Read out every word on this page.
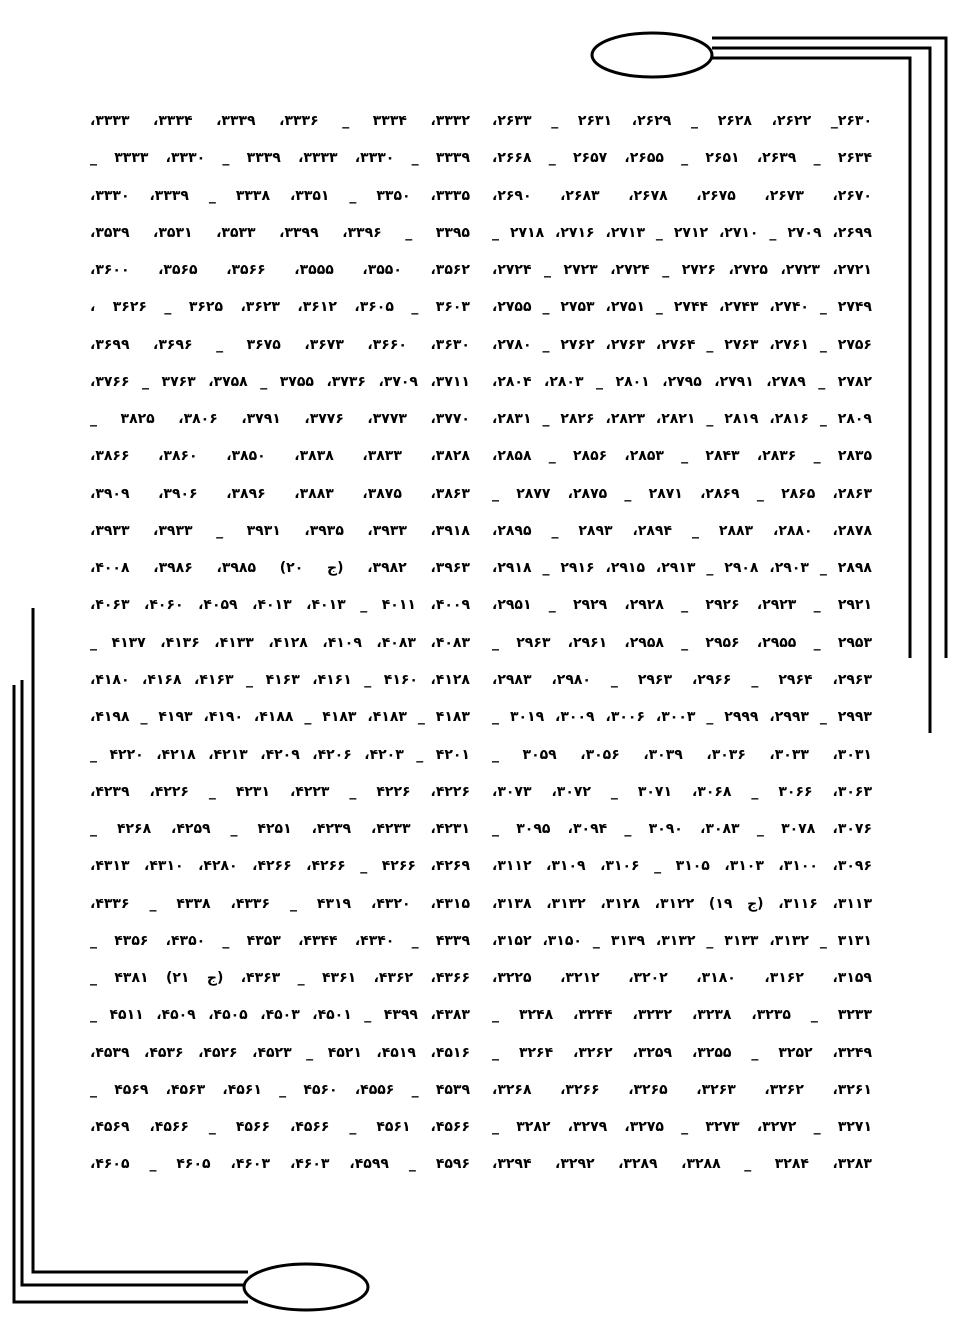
۲۶۳۰_ ۲۶۲۲، ۲۶۲۸ _ ۲۶۲۹، ۲۶۳۱ _ ۲۶۳۳،
۲۶۳۴ _ ۲۶۳۹، ۲۶۵۱ _ ۲۶۵۵، ۲۶۵۷ _ ۲۶۶۸،
۲۶۷۰، ۲۶۷۳، ۲۶۷۵، ۲۶۷۸، ۲۶۸۳، ۲۶۹۰،
۲۶۹۹، ۲۷۰۹ _ ۲۷۱۰، ۲۷۱۲ _ ۲۷۱۳، ۲۷۱۶، ۲۷۱۸ _
۲۷۲۱، ۲۷۲۳، ۲۷۲۵، ۲۷۲۶ _ ۲۷۲۴، ۲۷۲۳ _ ۲۷۲۴،
۲۷۴۹ _ ۲۷۴۰، ۲۷۴۳، ۲۷۴۴ _ ۲۷۵۱، ۲۷۵۳ _ ۲۷۵۵،
۲۷۵۶ _ ۲۷۶۱، ۲۷۶۳ _ ۲۷۶۴، ۲۷۶۳، ۲۷۶۲ _ ۲۷۸۰،
۲۷۸۲ _ ۲۷۸۹، ۲۷۹۱، ۲۷۹۵، ۲۸۰۱ _ ۲۸۰۳، ۲۸۰۴،
۲۸۰۹ _ ۲۸۱۶، ۲۸۱۹ _ ۲۸۲۱، ۲۸۲۳، ۲۸۲۶ _ ۲۸۳۱،
۲۸۳۵ _ ۲۸۳۶، ۲۸۴۳ _ ۲۸۵۳، ۲۸۵۶ _ ۲۸۵۸،
۲۸۶۳، ۲۸۶۵ _ ۲۸۶۹، ۲۸۷۱ _ ۲۸۷۵، ۲۸۷۷ _
۲۸۷۸، ۲۸۸۰، ۲۸۸۳ _ ۲۸۹۴، ۲۸۹۳ _ ۲۸۹۵،
۲۸۹۸ _ ۲۹۰۳، ۲۹۰۸ _ ۲۹۱۳، ۲۹۱۵، ۲۹۱۶ _ ۲۹۱۸،
۲۹۲۱ _ ۲۹۲۳، ۲۹۲۶ _ ۲۹۲۸، ۲۹۲۹ _ ۲۹۵۱،
۲۹۵۳ _ ۲۹۵۵، ۲۹۵۶ _ ۲۹۵۸، ۲۹۶۱، ۲۹۶۳ _
۲۹۶۳، ۲۹۶۴ _ ۲۹۶۶، ۲۹۶۳ _ ۲۹۸۰، ۲۹۸۳،
۲۹۹۳ _ ۲۹۹۳، ۲۹۹۹ _ ۳۰۰۳، ۳۰۰۶، ۳۰۰۹، ۳۰۱۹ _
۳۰۳۱، ۳۰۳۳، ۳۰۳۶، ۳۰۳۹، ۳۰۵۶، ۳۰۵۹ _
۳۰۶۳، ۳۰۶۶ _ ۳۰۶۸، ۳۰۷۱ _ ۳۰۷۲، ۳۰۷۳،
۳۰۷۶، ۳۰۷۸ _ ۳۰۸۳، ۳۰۹۰ _ ۳۰۹۴، ۳۰۹۵ _
۳۰۹۶، ۳۱۰۰، ۳۱۰۳، ۳۱۰۵ _ ۳۱۰۶، ۳۱۰۹، ۳۱۱۲،
۳۱۱۳، ۳۱۱۶، (ج ۱۹) ۳۱۲۲، ۳۱۲۸، ۳۱۳۲، ۳۱۳۸،
۳۱۳۱ _ ۳۱۳۲، ۳۱۳۳ _ ۳۱۳۲، ۳۱۳۹ _ ۳۱۵۰، ۳۱۵۲،
۳۱۵۹، ۳۱۶۲، ۳۱۸۰، ۳۲۰۲، ۳۲۱۲، ۳۲۲۵،
۳۲۳۳ _ ۳۲۳۵، ۳۲۳۸، ۳۲۳۲، ۳۲۴۴، ۳۲۴۸ _
۳۲۴۹، ۳۲۵۲ _ ۳۲۵۵، ۳۲۵۹، ۳۲۶۲، ۳۲۶۴ _
۳۲۶۱، ۳۲۶۲، ۳۲۶۳، ۳۲۶۵، ۳۲۶۶، ۳۲۶۸،
۳۲۷۱ _ ۳۲۷۲، ۳۲۷۳ _ ۳۲۷۵، ۳۲۷۹، ۳۲۸۲ _
۳۲۸۳، ۳۲۸۴ _ ۳۲۸۸، ۳۲۸۹، ۳۲۹۲، ۳۲۹۴،
۳۳۳۲، ۳۳۳۴ _ ۳۳۳۶، ۳۳۳۹، ۳۳۳۴، ۳۳۳۳،
۳۳۳۹ _ ۳۳۳۰، ۳۳۳۳، ۳۳۳۹ _ ۳۳۳۰، ۳۳۳۳ _
۳۳۳۵، ۳۳۵۰ _ ۳۳۵۱، ۳۳۳۸ _ ۳۳۳۹، ۳۳۳۰،
۳۳۹۵ _ ۳۳۹۶، ۳۳۹۹، ۳۵۳۳، ۳۵۳۱، ۳۵۳۹،
۳۵۶۲، ۳۵۵۰، ۳۵۵۵، ۳۵۶۶، ۳۵۶۵، ۳۶۰۰،
۳۶۰۳ _ ۳۶۰۵، ۳۶۱۲، ۳۶۲۳، ۳۶۲۵ _ ۳۶۲۶ ،
۳۶۳۰، ۳۶۶۰، ۳۶۷۳، ۳۶۷۵ _ ۳۶۹۶، ۳۶۹۹،
۳۷۱۱، ۳۷۰۹، ۳۷۳۶، ۳۷۵۵ _ ۳۷۵۸، ۳۷۶۳ _ ۳۷۶۶،
۳۷۷۰، ۳۷۷۳، ۳۷۷۶، ۳۷۹۱، ۳۸۰۶، ۳۸۲۵ _
۳۸۲۸، ۳۸۳۳، ۳۸۳۸، ۳۸۵۰، ۳۸۶۰، ۳۸۶۶،
۳۸۶۳، ۳۸۷۵، ۳۸۸۳، ۳۸۹۶، ۳۹۰۶، ۳۹۰۹،
۳۹۱۸، ۳۹۳۳، ۳۹۳۵، ۳۹۳۱ _ ۳۹۳۳، ۳۹۳۳،
۳۹۶۳، ۳۹۸۲، (ج ۲۰) ۳۹۸۵، ۳۹۸۶، ۴۰۰۸،
۴۰۰۹، ۴۰۱۱ _ ۴۰۱۳، ۴۰۱۳، ۴۰۵۹، ۴۰۶۰، ۴۰۶۳،
۴۰۸۳، ۴۰۸۳، ۴۱۰۹، ۴۱۲۸، ۴۱۳۳، ۴۱۳۶، ۴۱۳۷ _
۴۱۲۸، ۴۱۶۰ _ ۴۱۶۱، ۴۱۶۳ _ ۴۱۶۳، ۴۱۶۸، ۴۱۸۰،
۴۱۸۳ _ ۴۱۸۳، ۴۱۸۳ _ ۴۱۸۸، ۴۱۹۰، ۴۱۹۳ _ ۴۱۹۸،
۴۲۰۱ _ ۴۲۰۳، ۴۲۰۶، ۴۲۰۹، ۴۲۱۳، ۴۲۱۸، ۴۲۲۰ _
۴۲۲۶، ۴۲۲۶ _ ۴۲۲۳، ۴۲۳۱ _ ۴۲۲۶، ۴۲۳۹،
۴۲۳۱، ۴۲۳۳، ۴۲۳۹، ۴۲۵۱ _ ۴۲۵۹، ۴۲۶۸ _
۴۲۶۹، ۴۲۶۶ _ ۴۲۶۶، ۴۲۶۶، ۴۲۸۰، ۴۳۱۰، ۴۳۱۳،
۴۳۱۵، ۴۳۲۰، ۴۳۱۹ _ ۴۳۳۶، ۴۳۳۸ _ ۴۳۳۶،
۴۳۳۹ _ ۴۳۴۰، ۴۳۴۴، ۴۳۵۳ _ ۴۳۵۰، ۴۳۵۶ _
۴۳۶۶، ۴۳۶۲، ۴۳۶۱ _ ۴۳۶۳، (ج ۲۱) ۴۳۸۱ _
۴۳۸۳، ۴۳۹۹ _ ۴۵۰۱، ۴۵۰۳، ۴۵۰۵، ۴۵۰۹، ۴۵۱۱ _
۴۵۱۶، ۴۵۱۹، ۴۵۲۱ _ ۴۵۲۳، ۴۵۲۶، ۴۵۳۶، ۴۵۳۹،
۴۵۳۹ _ ۴۵۵۶، ۴۵۶۰ _ ۴۵۶۱، ۴۵۶۳، ۴۵۶۹ _
۴۵۶۶، ۴۵۶۱ _ ۴۵۶۶، ۴۵۶۶ _ ۴۵۶۶، ۴۵۶۹،
۴۵۹۶ _ ۴۵۹۹، ۴۶۰۳، ۴۶۰۳، ۴۶۰۵ _ ۴۶۰۵،
